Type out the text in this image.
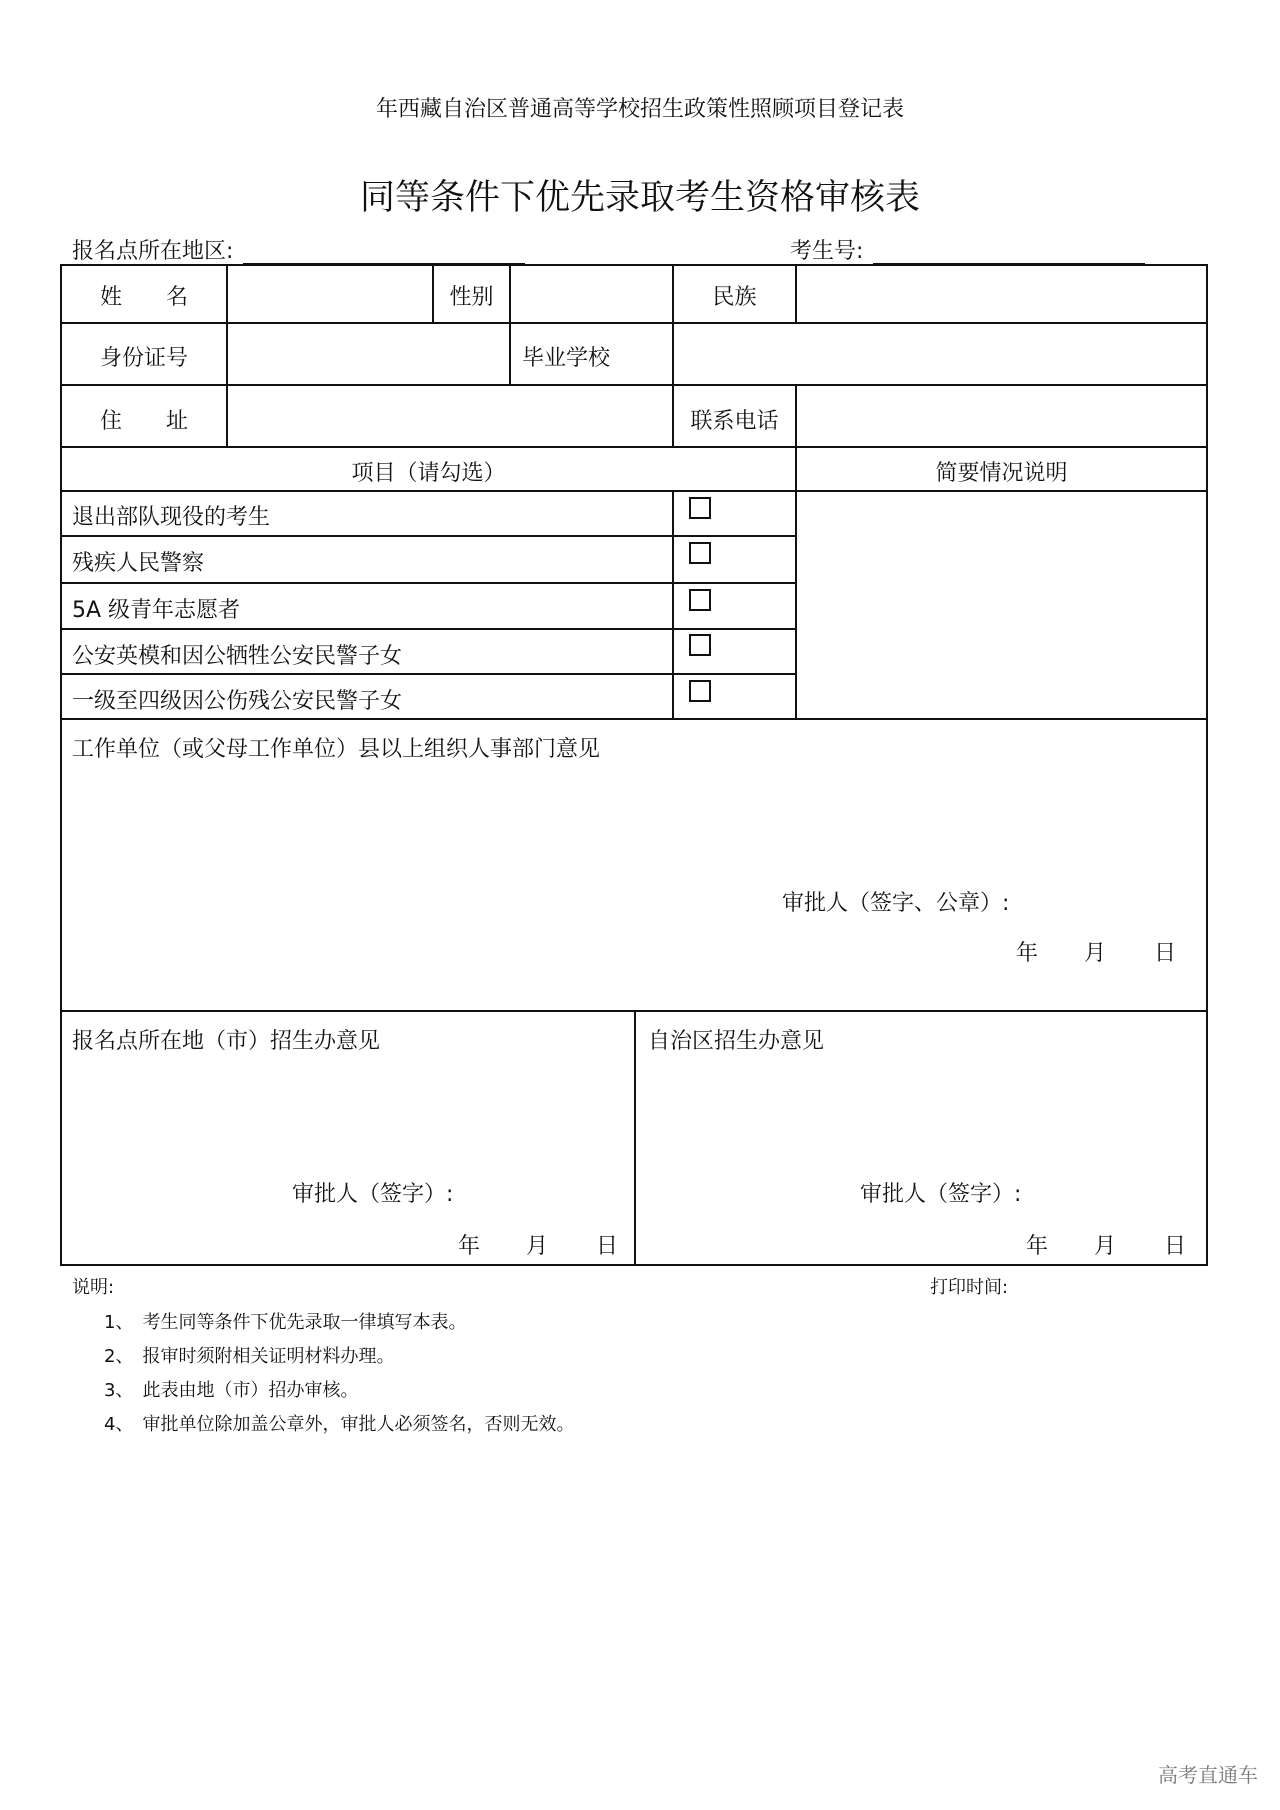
年西藏自治区普通高等学校招生政策性照顾项目登记表
同等条件下优先录取考生资格审核表
报名点所在地区:	考生号:
姓　　名	性别	民族
身份证号	毕业学校
住　　址	联系电话
项目（请勾选）	简要情况说明
退出部队现役的考生
残疾人民警察
5A 级青年志愿者
公安英模和因公牺牲公安民警子女
一级至四级因公伤残公安民警子女
工作单位（或父母工作单位）县以上组织人事部门意见
审批人（签字、公章）:
年 月 日
报名点所在地（市）招生办意见
审批人（签字）:
年 月 日
自治区招生办意见
审批人（签字）:
年 月 日
说明:	打印时间:
1、　考生同等条件下优先录取一律填写本表。
2、　报审时须附相关证明材料办理。
3、　此表由地（市）招办审核。
4、　审批单位除加盖公章外，审批人必须签名，否则无效。
高考直通车
